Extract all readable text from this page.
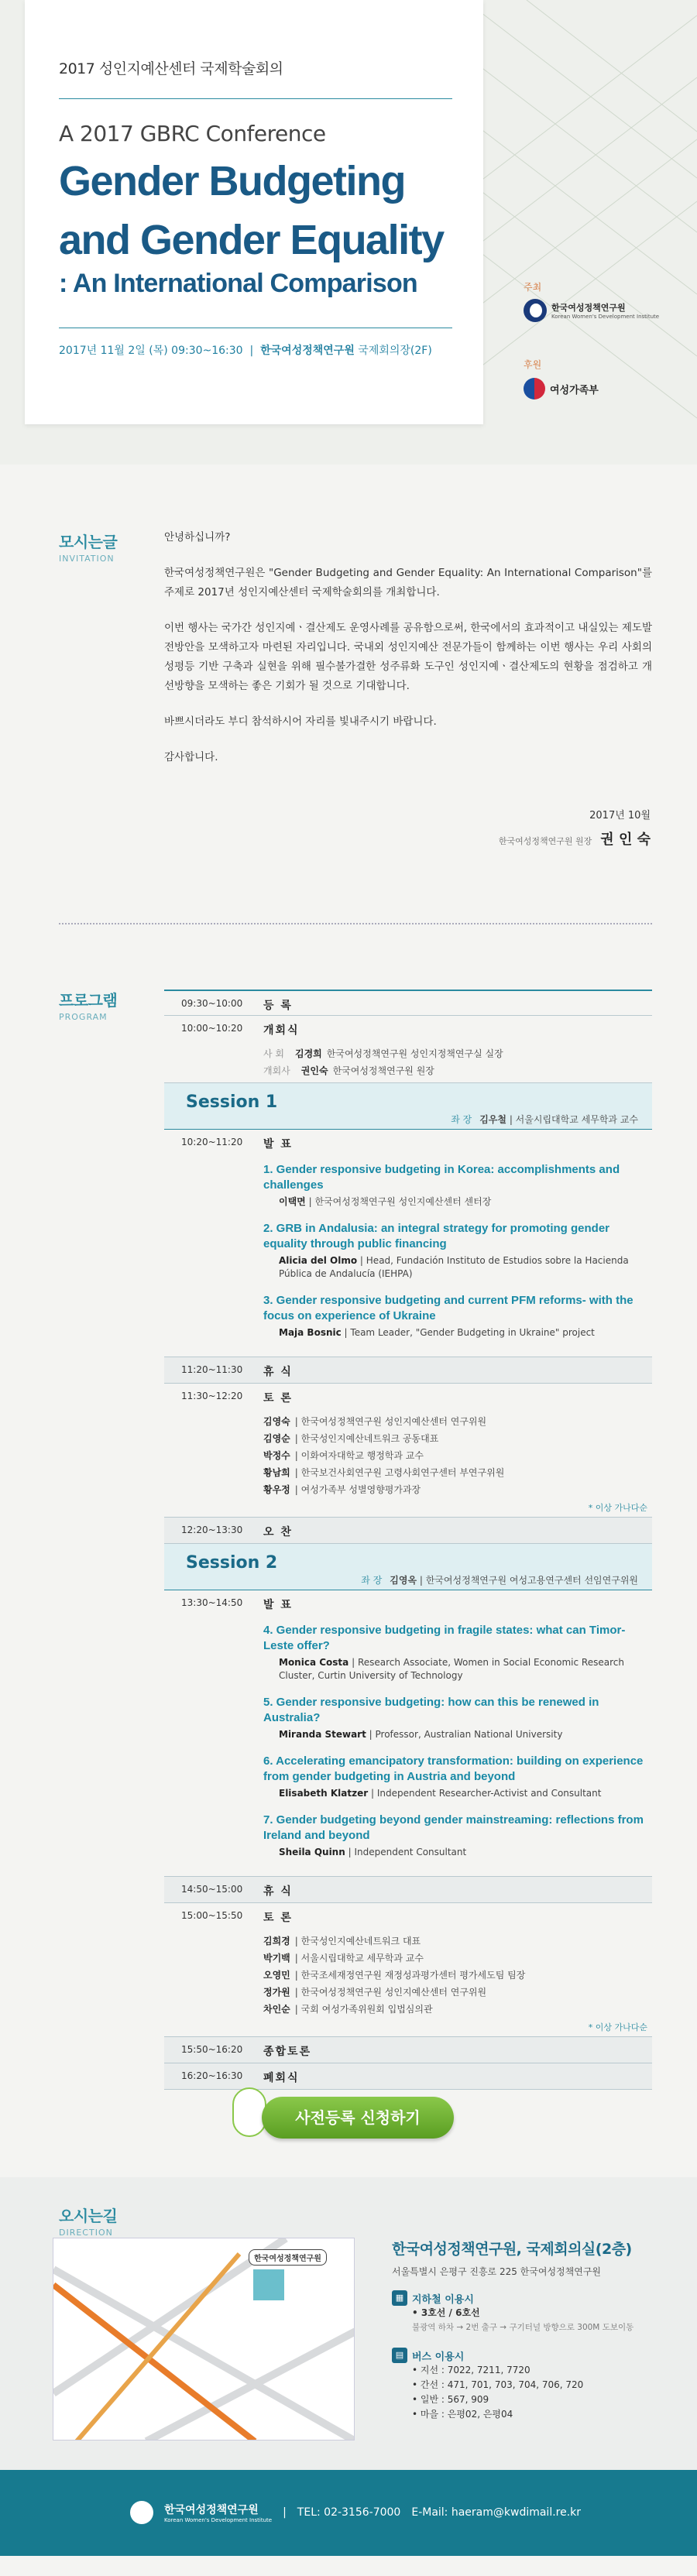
2017 성인지예산센터 국제학술회의
A 2017 GBRC Conference
Gender Budgeting
and Gender Equality
: An International Comparison
2017년 11월 2일 (목) 09:30~16:30  |  한국여성정책연구원 국제회의장(2F)
주최
한국여성정책연구원
Korean Women's Development Institute
후원
여성가족부
모시는글
INVITATION

안녕하십니까?

한국여성정책연구원은 "Gender Budgeting and Gender Equality: An International Comparison"를 주제로 2017년 성인지예산센터 국제학술회의를 개최합니다.

이번 행사는 국가간 성인지예ㆍ결산제도 운영사례를 공유함으로써, 한국에서의 효과적이고 내실있는 제도발전방안을 모색하고자 마련된 자리입니다. 국내외 성인지예산 전문가들이 함께하는 이번 행사는 우리 사회의 성평등 기반 구축과 실현을 위해 필수불가결한 성주류화 도구인 성인지예ㆍ결산제도의 현황을 점검하고 개선방향을 모색하는 좋은 기회가 될 것으로 기대합니다.

바쁘시더라도 부디 참석하시어 자리를 빛내주시기 바랍니다.

감사합니다.

2017년 10월
한국여성정책연구원 원장 권 인 숙
프로그램
PROGRAM
09:30~10:00	등 록
10:00~10:20	개회식
사 회 김경희 한국여성정책연구원 성인지정책연구실 실장
개회사 권인숙 한국여성정책연구원 원장
Session 1
좌 장 김우철 | 서울시립대학교 세무학과 교수
10:20~11:20	발 표
1. Gender responsive budgeting in Korea: accomplishments and challenges
이택면 | 한국여성정책연구원 성인지예산센터 센터장
2. GRB in Andalusia: an integral strategy for promoting gender equality through public financing
Alicia del Olmo | Head, Fundación Instituto de Estudios sobre la Hacienda Pública de Andalucía (IEHPA)
3. Gender responsive budgeting and current PFM reforms- with the focus on experience of Ukraine
Maja Bosnic | Team Leader, "Gender Budgeting in Ukraine" project
11:20~11:30	휴 식
11:30~12:20	토 론
김영숙 | 한국여성정책연구원 성인지예산센터 연구위원
김영순 | 한국성인지예산네트워크 공동대표
박정수 | 이화여자대학교 행정학과 교수
황남희 | 한국보건사회연구원 고령사회연구센터 부연구위원
황우정 | 여성가족부 성별영향평가과장
* 이상 가나다순
12:20~13:30	오 찬
Session 2
좌 장 김영옥 | 한국여성정책연구원 여성고용연구센터 선임연구위원
13:30~14:50	발 표
4. Gender responsive budgeting in fragile states: what can Timor-Leste offer?
Monica Costa | Research Associate, Women in Social Economic Research Cluster, Curtin University of Technology
5. Gender responsive budgeting: how can this be renewed in Australia?
Miranda Stewart | Professor, Australian National University
6. Accelerating emancipatory transformation: building on experience from gender budgeting in Austria and beyond
Elisabeth Klatzer | Independent Researcher-Activist and Consultant
7. Gender budgeting beyond gender mainstreaming: reflections from Ireland and beyond
Sheila Quinn | Independent Consultant
14:50~15:00	휴 식
15:00~15:50	토 론
김희경 | 한국성인지예산네트워크 대표
박기백 | 서울시립대학교 세무학과 교수
오영민 | 한국조세재정연구원 재정성과평가센터 평가세도팀 팀장
정가원 | 한국여성정책연구원 성인지예산센터 연구위원
차인순 | 국회 여성가족위원회 입법심의관
* 이상 가나다순
15:50~16:20	종합토론
16:20~16:30	폐회식
사전등록 신청하기
오시는길
DIRECTION
한국여성정책연구원
한국여성정책연구원, 국제회의실(2층)
서울특별시 은평구 진흥로 225 한국여성정책연구원
▦ 지하철 이용시
• 3호선 / 6호선
불광역 하차 → 2번 출구 → 구기터널 방향으로 300M 도보이동
▤ 버스 이용시
• 지선 : 7022, 7211, 7720
• 간선 : 471, 701, 703, 704, 706, 720
• 일반 : 567, 909
• 마을 : 은평02, 은평04
한국여성정책연구원
Korean Women's Development Institute
| TEL: 02-3156-7000 E-Mail: haeram@kwdimail.re.kr
